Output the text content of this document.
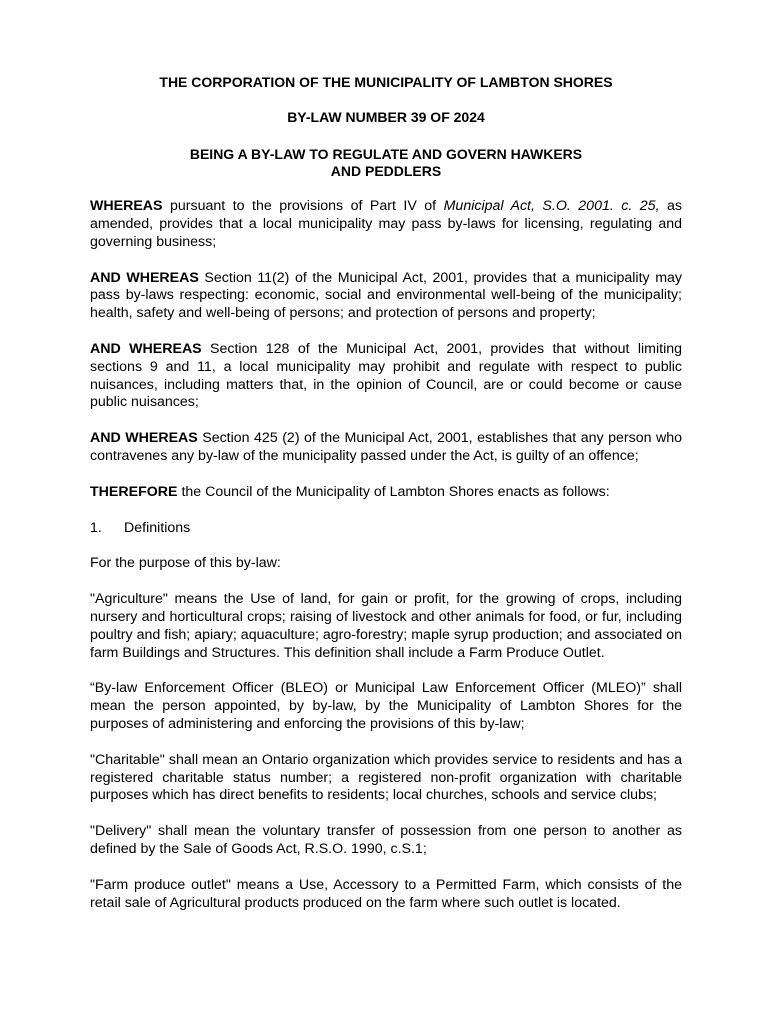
THE CORPORATION OF THE MUNICIPALITY OF LAMBTON SHORES
BY-LAW NUMBER 39 OF 2024
BEING A BY-LAW TO REGULATE AND GOVERN HAWKERS
AND PEDDLERS

WHEREAS pursuant to the provisions of Part IV of Municipal Act, S.O. 2001. c. 25, as amended, provides that a local municipality may pass by-laws for licensing, regulating and governing business;

AND WHEREAS Section 11(2) of the Municipal Act, 2001, provides that a municipality may pass by-laws respecting: economic, social and environmental well-being of the municipality; health, safety and well-being of persons; and protection of persons and property;

AND WHEREAS Section 128 of the Municipal Act, 2001, provides that without limiting sections 9 and 11, a local municipality may prohibit and regulate with respect to public nuisances, including matters that, in the opinion of Council, are or could become or cause public nuisances;

AND WHEREAS Section 425 (2) of the Municipal Act, 2001, establishes that any person who contravenes any by-law of the municipality passed under the Act, is guilty of an offence;

THEREFORE the Council of the Municipality of Lambton Shores enacts as follows:

1. Definitions

For the purpose of this by-law:

"Agriculture" means the Use of land, for gain or profit, for the growing of crops, including nursery and horticultural crops; raising of livestock and other animals for food, or fur, including poultry and fish; apiary; aquaculture; agro-forestry; maple syrup production; and associated on farm Buildings and Structures. This definition shall include a Farm Produce Outlet.

“By-law Enforcement Officer (BLEO) or Municipal Law Enforcement Officer (MLEO)” shall mean the person appointed, by by-law, by the Municipality of Lambton Shores for the purposes of administering and enforcing the provisions of this by-law;

"Charitable" shall mean an Ontario organization which provides service to residents and has a registered charitable status number; a registered non-profit organization with charitable purposes which has direct benefits to residents; local churches, schools and service clubs;

"Delivery" shall mean the voluntary transfer of possession from one person to another as defined by the Sale of Goods Act, R.S.O. 1990, c.S.1;

"Farm produce outlet" means a Use, Accessory to a Permitted Farm, which consists of the retail sale of Agricultural products produced on the farm where such outlet is located.
